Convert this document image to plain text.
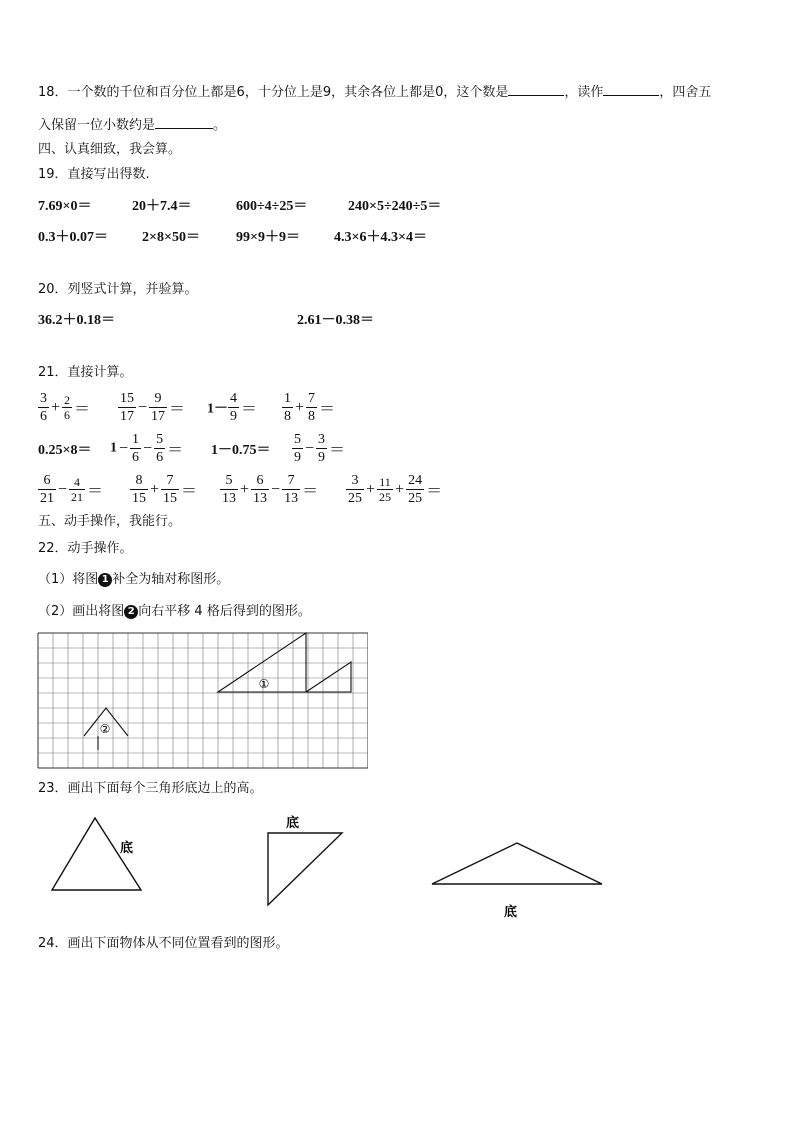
18．一个数的千位和百分位上都是6，十分位上是9，其余各位上都是0，这个数是	，读作	，四舍五
入保留一位小数约是	。
四、认真细致，我会算。
19．直接写出得数.
7.69×0＝	20＋7.4＝	600÷4÷25＝	240×5÷240÷5＝
0.3＋0.07＝ 2×8×50＝	99×9＋9＝ 4.3×6＋4.3×4＝
20．列竖式计算，并验算。
36.2＋0.18＝	2.61－0.38＝
21．直接计算。
$\frac{3}{6} + \frac{2}{6} = \frac{15}{17} - \frac{9}{17} = 1- \frac{4}{9} = \frac{1}{8} + \frac{7}{8}$ ＝
$0.25\times 8= 1 - \frac{1}{6} - \frac{5}{6} = 1-0.75= \frac{5}{9} - \frac{3}{9}$ ＝
$\frac{6}{21} - \frac{4}{21} = \frac{8}{15} + \frac{7}{15} = \frac{5}{13} + \frac{6}{13} - \frac{7}{13} = \frac{3}{25} + \frac{11}{25} + \frac{24}{25}$ ＝
五、动手操作，我能行。
22．动手操作。
（1）将图 1 补全为轴对称图形。
（2）画出将图 2 向右平移 4 格后得到的图形。
①
②
23．画出下面每个三角形底边上的高。
底
底
底
24．画出下面物体从不同位置看到的图形。
